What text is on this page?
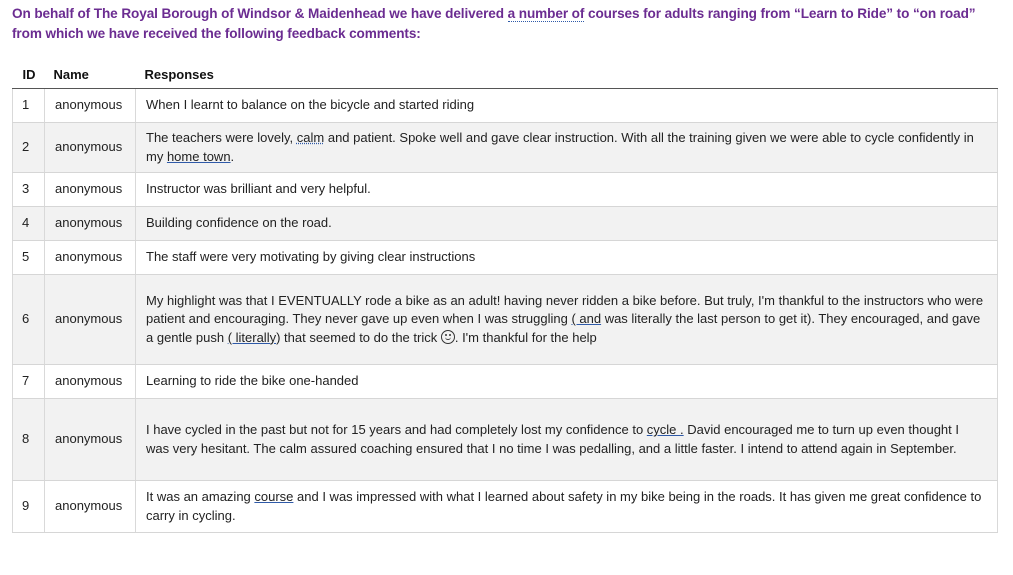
On behalf of The Royal Borough of Windsor & Maidenhead we have delivered a number of courses for adults ranging from “Learn to Ride” to “on road” from which we have received the following feedback comments:
ID	Name	Responses
1	anonymous	When I learnt to balance on the bicycle and started riding
2	anonymous	The teachers were lovely, calm and patient. Spoke well and gave clear instruction. With all the training given we were able to cycle confidently in my home town.
3	anonymous	Instructor was brilliant and very helpful.
4	anonymous	Building confidence on the road.
5	anonymous	The staff were very motivating by giving clear instructions
6	anonymous	My highlight was that I EVENTUALLY rode a bike as an adult! having never ridden a bike before. But truly, I'm thankful to the instructors who were patient and encouraging. They never gave up even when I was struggling ( and was literally the last person to get it). They encouraged, and gave a gentle push ( literally) that seemed to do the trick . I'm thankful for the help
7	anonymous	Learning to ride the bike one-handed
8	anonymous	I have cycled in the past but not for 15 years and had completely lost my confidence to cycle . David encouraged me to turn up even thought I was very hesitant. The calm assured coaching ensured that I no time I was pedalling, and a little faster. I intend to attend again in September.
9	anonymous	It was an amazing course and I was impressed with what I learned about safety in my bike being in the roads. It has given me great confidence to carry in cycling.
